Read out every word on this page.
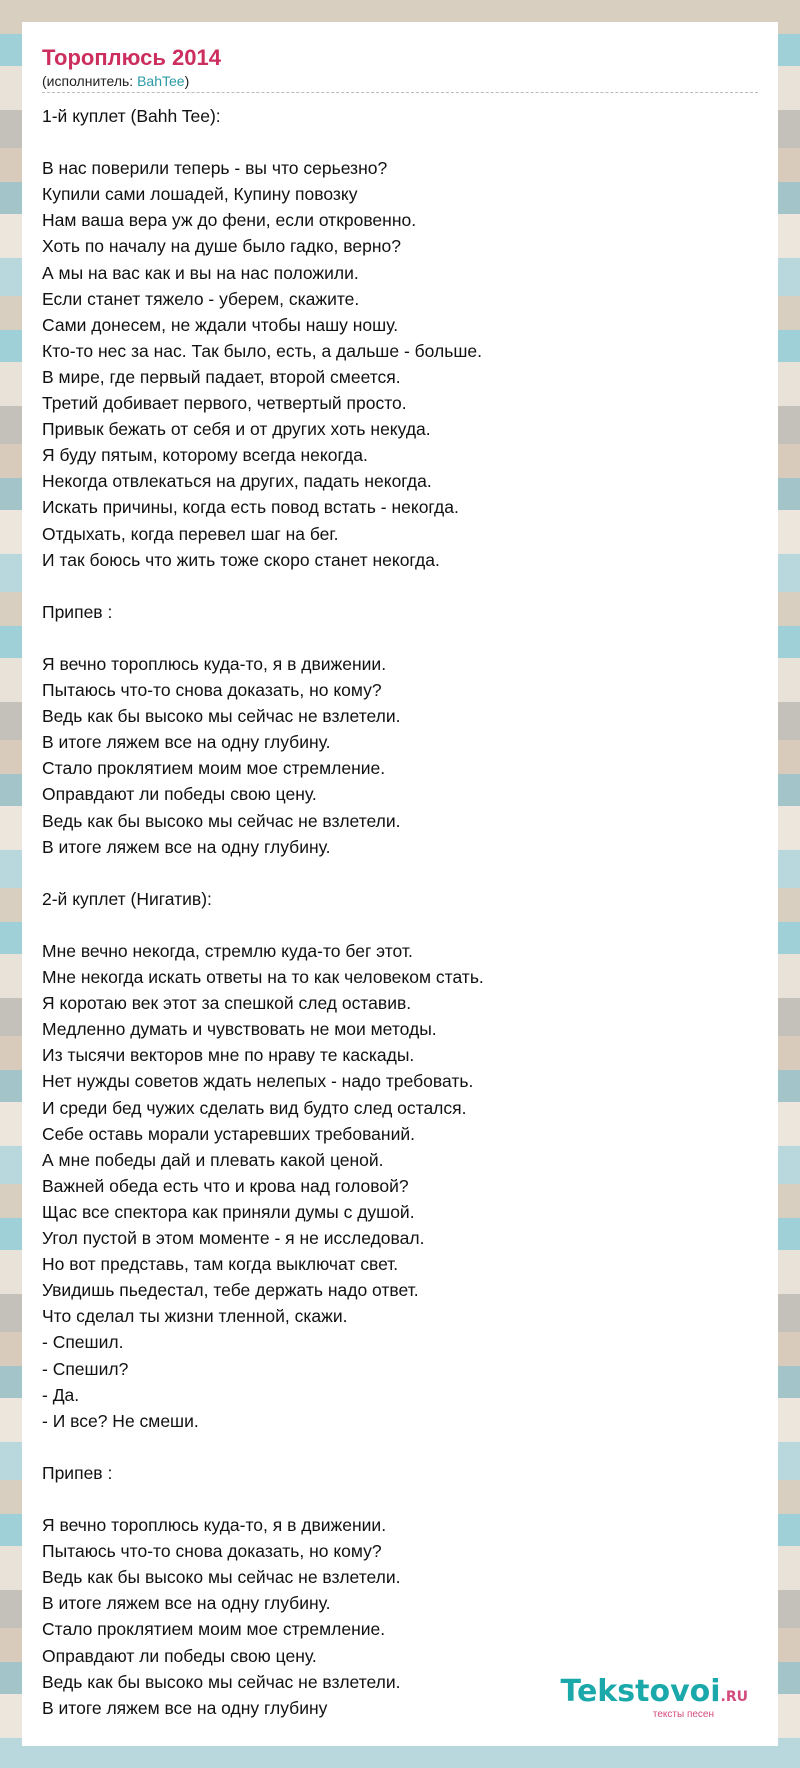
Тороплюсь 2014
(исполнитель: BahTee)
1-й куплет (Bahh Tee):
В нас поверили теперь - вы что серьезно?
Купили сами лошадей, Купину повозку
Нам ваша вера уж до фени, если откровенно.
Хоть по началу на душе было гадко, верно?
А мы на вас как и вы на нас положили.
Если станет тяжело - уберем, скажите.
Сами донесем, не ждали чтобы нашу ношу.
Кто-то нес за нас. Так было, есть, а дальше - больше.
В мире, где первый падает, второй смеется.
Третий добивает первого, четвертый просто.
Привык бежать от себя и от других хоть некуда.
Я буду пятым, которому всегда некогда.
Некогда отвлекаться на других, падать некогда.
Искать причины, когда есть повод встать - некогда.
Отдыхать, когда перевел шаг на бег.
И так боюсь что жить тоже скоро станет некогда.
Припев :
Я вечно тороплюсь куда-то, я в движении.
Пытаюсь что-то снова доказать, но кому?
Ведь как бы высоко мы сейчас не взлетели.
В итоге ляжем все на одну глубину.
Стало проклятием моим мое стремление.
Оправдают ли победы свою цену.
Ведь как бы высоко мы сейчас не взлетели.
В итоге ляжем все на одну глубину.
2-й куплет (Нигатив):
Мне вечно некогда, стремлю куда-то бег этот.
Мне некогда искать ответы на то как человеком стать.
Я коротаю век этот за спешкой след оставив.
Медленно думать и чувствовать не мои методы.
Из тысячи векторов мне по нраву те каскады.
Нет нужды советов ждать нелепых - надо требовать.
И среди бед чужих сделать вид будто след остался.
Себе оставь морали устаревших требований.
А мне победы дай и плевать какой ценой.
Важней обеда есть что и крова над головой?
Щас все спектора как приняли думы с душой.
Угол пустой в этом моменте - я не исследовал.
Но вот представь, там когда выключат свет.
Увидишь пьедестал, тебе держать надо ответ.
Что сделал ты жизни тленной, скажи.
- Спешил.
- Спешил?
- Да.
- И все? Не смеши.
Припев :
Я вечно тороплюсь куда-то, я в движении.
Пытаюсь что-то снова доказать, но кому?
Ведь как бы высоко мы сейчас не взлетели.
В итоге ляжем все на одну глубину.
Стало проклятием моим мое стремление.
Оправдают ли победы свою цену.
Ведь как бы высоко мы сейчас не взлетели.
В итоге ляжем все на одну глубину	Tekstovoi.RU
тексты песен
